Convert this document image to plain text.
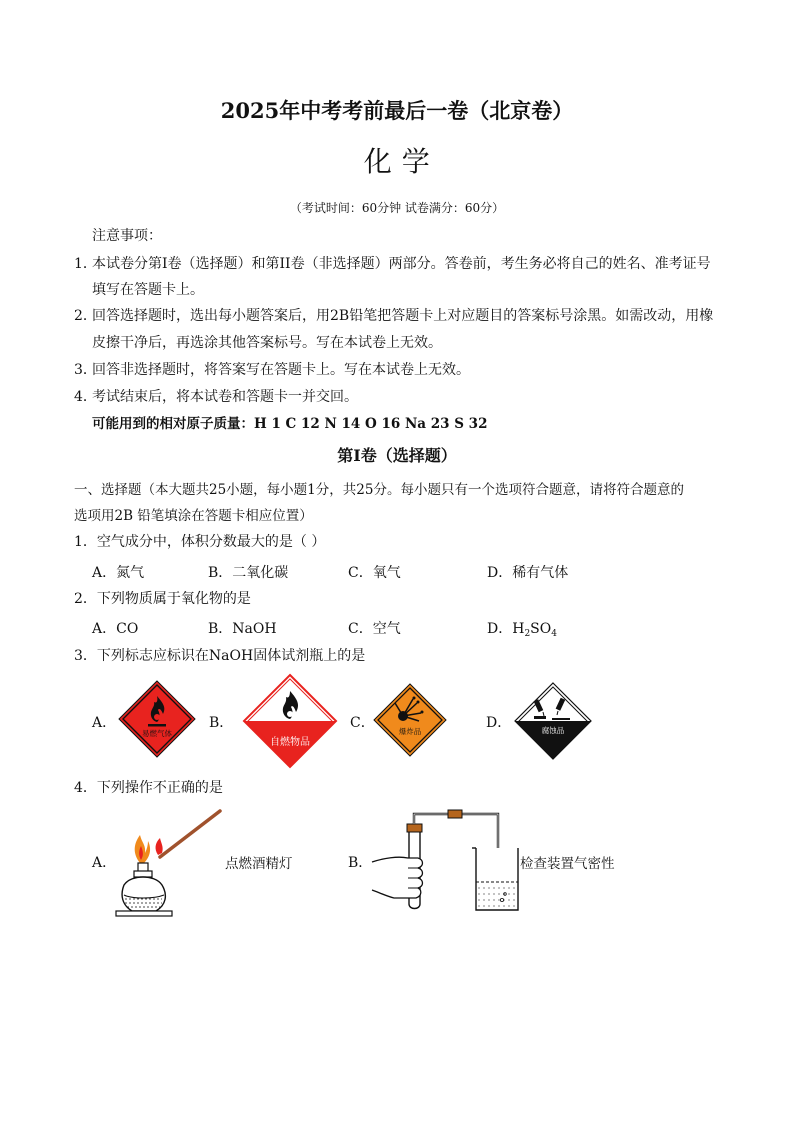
2025年中考考前最后一卷（北京卷）
化 学
（考试时间：60分钟 试卷满分：60分）
注意事项：
1．
本试卷分第I卷（选择题）和第II卷（非选择题）两部分。答卷前，考生务必将自己的姓名、准考证号
填写在答题卡上。
2．
回答选择题时，选出每小题答案后，用2B铅笔把答题卡上对应题目的答案标号涂黑。如需改动，用橡
皮擦干净后，再选涂其他答案标号。写在本试卷上无效。
3．
回答非选择题时，将答案写在答题卡上。写在本试卷上无效。
4．
考试结束后，将本试卷和答题卡一并交回。
可能用到的相对原子质量：H 1 C 12 N 14 O 16 Na 23 S 32
第I卷（选择题）
一、选择题（本大题共25小题，每小题1分，共25分。每小题只有一个选项符合题意，请将符合题意的
选项用2B 铅笔填涂在答题卡相应位置）
1．空气成分中，体积分数最大的是（ ）
A．氮气	B．二氧化碳	C．氧气	D．稀有气体
2．下列物质属于氧化物的是
A．CO	B．NaOH	C．空气	D．$H_2SO_4$
3．下列标志应标识在NaOH固体试剂瓶上的是
A．
易燃气体
B．
自燃物品
C．
爆炸品
D．	腐蚀品
4．下列操作不正确的是
A．	点燃酒精灯	B．	检查装置气密性
